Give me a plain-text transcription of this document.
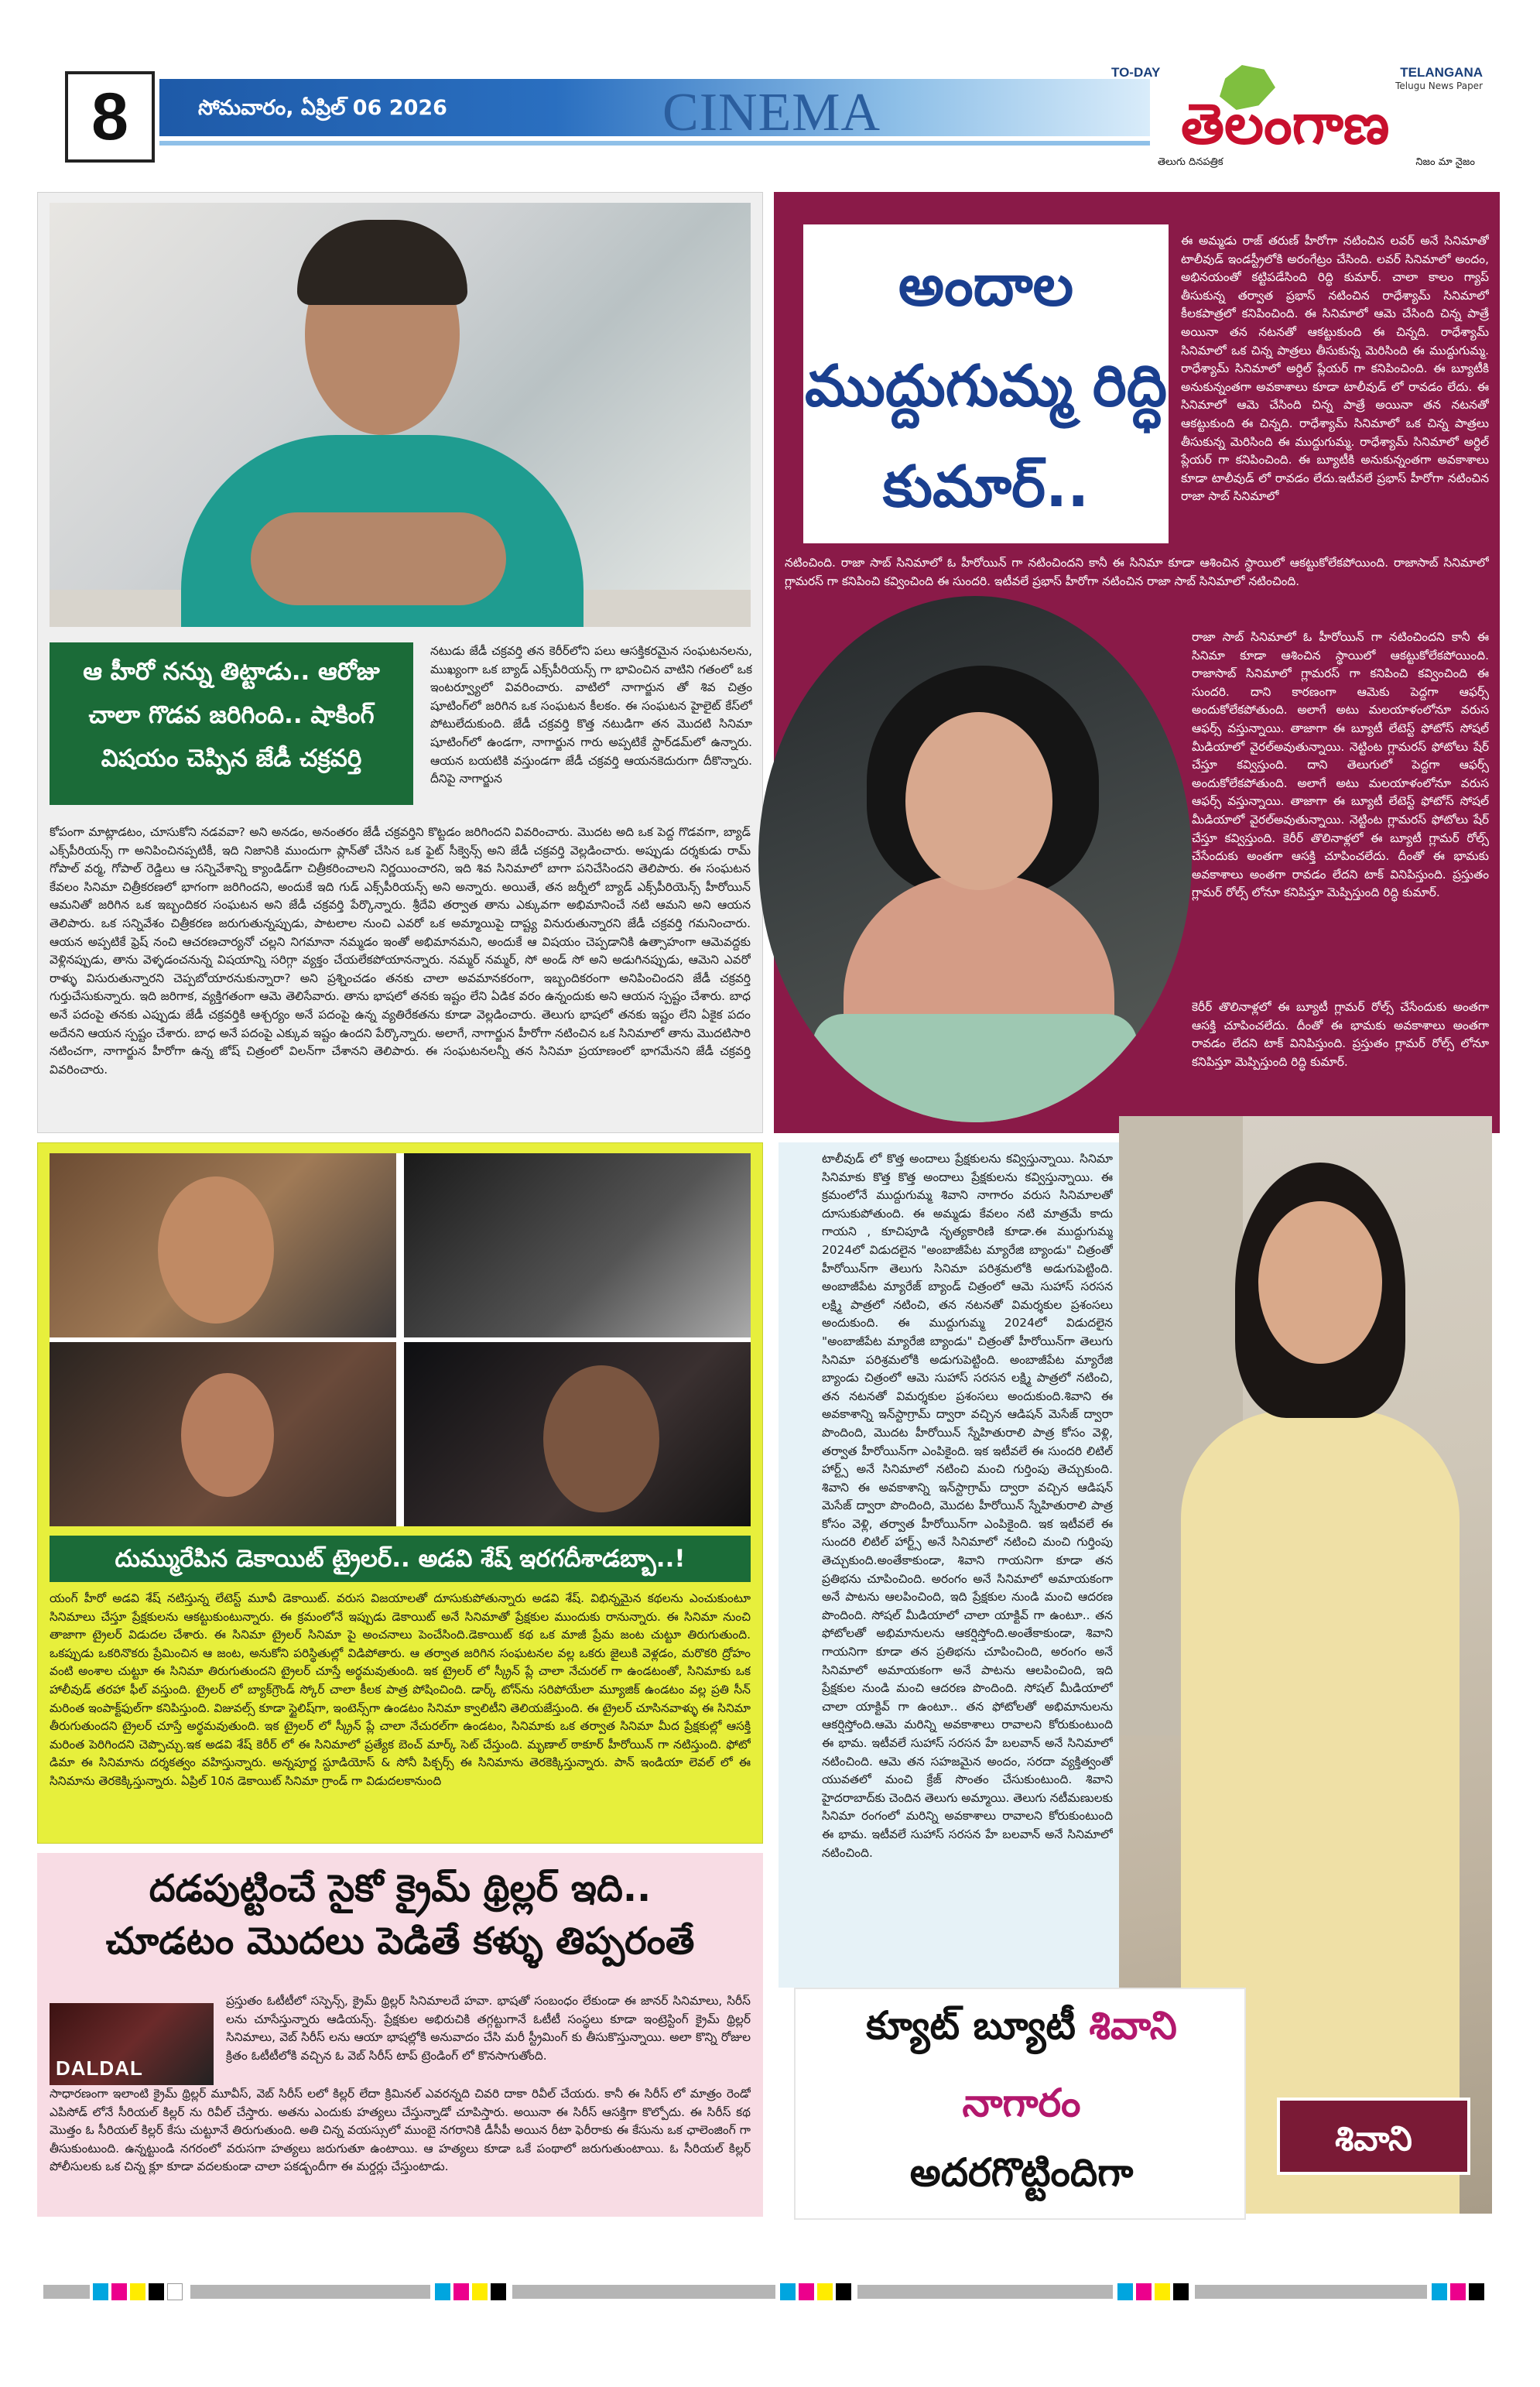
8	సోమవారం, ఏప్రిల్ 06 2026	CINEMA
TO-DAY	TELANGANA
Telugu News Paper
తెలంగాణ
తెలుగు దినపత్రిక	నిజం మా నైజం
ఆ హీరో నన్ను తిట్టాడు.. ఆరోజు చాలా గొడవ జరిగింది.. షాకింగ్ విషయం చెప్పిన జేడీ చక్రవర్తి
నటుడు జేడీ చక్రవర్తి తన కెరీర్‌లోని పలు ఆసక్తికరమైన సంఘటనలను, ముఖ్యంగా ఒక బ్యాడ్ ఎక్స్‌పీరియన్స్ గా భావించిన వాటిని గతంలో ఒక ఇంటర్వ్యూలో వివరించారు. వాటిలో నాగార్జున తో శివ చిత్రం షూటింగ్‌లో జరిగిన ఒక సంఘటన కీలకం. ఈ సంఘటన హైలైట్ కేస్‌లో పోటులేదుకుంది. జేడీ చక్రవర్తి కొత్త నటుడిగా తన మొదటి సినిమా షూటింగ్‌లో ఉండగా, నాగార్జున గారు అప్పటికే స్టార్‌డమ్‌లో ఉన్నారు. ఆయన బయటికి వస్తుండగా జేడీ చక్రవర్తి ఆయనకెదురుగా దీకొన్నారు. దీనిపై నాగార్జున
కోపంగా మాట్లాడటం, చూసుకోని నడవవా? అని అనడం, అనంతరం జేడీ చక్రవర్తిని కొట్టడం జరిగిందని వివరించారు. మొదట అది ఒక పెద్ద గొడవగా, బ్యాడ్ ఎక్స్‌పీరియన్స్ గా అనిపించినప్పటికీ, ఇది నిజానికి ముందుగా ప్లాన్‌తో చేసిన ఒక ఫైట్ సీక్వెన్స్ అని జేడీ చక్రవర్తి వెల్లడించారు. అప్పుడు దర్శకుడు రామ్ గోపాల్ వర్మ, గోపాల్ రెడ్డిలు ఆ సన్నివేశాన్ని క్యాండిడ్‌గా చిత్రీకరించాలని నిర్ణయించారని, ఇది శివ సినిమాలో బాగా పనిచేసిందని తెలిపారు. ఈ సంఘటన కేవలం సినిమా చిత్రీకరణలో భాగంగా జరిగిందని, అందుకే ఇది గుడ్ ఎక్స్‌పీరియన్స్ అని అన్నారు. అయితే, తన జర్నీలో బ్యాడ్ ఎక్స్‌పీరియెన్స్ హీరోయిన్ ఆమనితో జరిగిన ఒక ఇబ్బందికర సంఘటన అని జేడీ చక్రవర్తి పేర్కొన్నారు. శ్రీదేవి తర్వాత తాను ఎక్కువగా అభిమానించే నటి ఆమని అని ఆయన తెలిపారు. ఒక సన్నివేశం చిత్రీకరణ జరుగుతున్నప్పుడు, పాటలాల నుంచి ఎవరో ఒక అమ్మాయిపై దాష్ట్య వినురుతున్నారని జేడీ చక్రవర్తి గమనించారు. ఆయన అప్పటికే ఫ్రెష్ నంచి ఆచరణచార్యనో చల్లని నిగమానా నమ్మడం ఇంతో అభిమానమని, అందుకే ఆ విషయం చెప్పడానికి ఉత్సాహంగా ఆమెవద్దకు వెళ్లినప్పుడు, తాను వెళ్ళడంచనున్న విషయాన్ని సరిగ్గా వ్యక్తం చేయలేకపోయానన్నారు. నమ్మర్ నమ్మర్, సో అండ్ సో అని అడుగినప్పుడు, ఆమెని ఎవరో రాళ్ళు విసురుతున్నారని చెప్పబోయారనుకున్నారా? అని ప్రశ్నించడం తనకు చాలా అవమానకరంగా, ఇబ్బందికరంగా అనిపించిందని జేడీ చక్రవర్తి గుర్తుచేసుకున్నారు. ఇది జరిగాక, వ్యక్తిగతంగా ఆమె తెలిసేవారు. తాను భాషలో తనకు ఇష్టం లేని ఏడిక వరం ఉన్నందుకు అని ఆయన స్పష్టం చేశారు. బాధ అనే పదంపై తనకు ఎప్పుడు జేడీ చక్రవర్తికి ఆశ్చర్యం అనే పదంపై ఉన్న వ్యతిరేకతను కూడా వెల్లడించారు. తెలుగు భాషలో తనకు ఇష్టం లేని ఏకైక పదం అదేనని ఆయన స్పష్టం చేశారు. బాధ అనే పదంపై ఎక్కువ ఇష్టం ఉందని పేర్కొన్నారు. అలాగే, నాగార్జున హీరోగా నటించిన ఒక సినిమాలో తాను మొదటిసారి నటించగా, నాగార్జున హీరోగా ఉన్న జోష్ చిత్రంలో విలన్‌గా చేశానని తెలిపారు. ఈ సంఘటనలన్నీ తన సినిమా ప్రయాణంలో భాగమేనని జేడీ చక్రవర్తి వివరించారు.
అందాల ముద్దుగుమ్మ రిద్ధి కుమార్..
ఈ అమ్మడు రాజ్ తరుణ్ హీరోగా నటించిన లవర్ అనే సినిమాతో టాలీవుడ్ ఇండస్ట్రీలోకి అరంగేట్రం చేసింది. లవర్ సినిమాలో అందం, అభినయంతో కట్టిపడేసింది రిద్ధి కుమార్. చాలా కాలం గ్యాప్ తీసుకున్న తర్వాత ప్రభాస్ నటించిన రాధేశ్యామ్ సినిమాలో కీలకపాత్రలో కనిపించింది. ఈ సినిమాలో ఆమె చేసింది చిన్న పాత్రే అయినా తన నటనతో ఆకట్టుకుంది ఈ చిన్నది. రాధేశ్యామ్ సినిమాలో ఒక చిన్న పాత్రలు తీసుకున్న మెరిసింది ఈ ముద్దుగుమ్మ. రాధేశ్యామ్ సినిమాలో అర్ధిల్ ప్లేయర్ గా కనిపించింది. ఈ బ్యూటీకి అనుకున్నంతగా అవకాశాలు కూడా టాలీవుడ్ లో రావడం లేదు. ఈ సినిమాలో ఆమె చేసింది చిన్న పాత్రే అయినా తన నటనతో ఆకట్టుకుంది ఈ చిన్నది. రాధేశ్యామ్ సినిమాలో ఒక చిన్న పాత్రలు తీసుకున్న మెరిసింది ఈ ముద్దుగుమ్మ. రాధేశ్యామ్ సినిమాలో అర్ధిల్ ప్లేయర్ గా కనిపించింది. ఈ బ్యూటీకి అనుకున్నంతగా అవకాశాలు కూడా టాలీవుడ్ లో రావడం లేదు.ఇటీవలే ప్రభాస్ హీరోగా నటించిన రాజా సాబ్ సినిమాలో
నటించింది. రాజా సాబ్ సినిమాలో ఓ హీరోయిన్ గా నటించిందని కానీ ఈ సినిమా కూడా ఆశించిన స్థాయిలో ఆకట్టుకోలేకపోయింది. రాజాసాబ్ సినిమాలో గ్లామరస్ గా కనిపించి కవ్వించింది ఈ సుందరి. ఇటీవలే ప్రభాస్ హీరోగా నటించిన రాజా సాబ్ సినిమాలో నటించింది.
రాజా సాబ్ సినిమాలో ఓ హీరోయిన్ గా నటించిందని కానీ ఈ సినిమా కూడా ఆశించిన స్థాయిలో ఆకట్టుకోలేకపోయింది. రాజాసాబ్ సినిమాలో గ్లామరస్ గా కనిపించి కవ్వించింది ఈ సుందరి. దాని కారణంగా ఆమెకు పెద్దగా ఆఫర్స్ అందుకోలేకపోతుంది. అలాగే అటు మలయాళంలోనూ వరుస ఆఫర్స్ వస్తున్నాయి. తాజాగా ఈ బ్యూటీ లేటెస్ట్ ఫోటోస్ సోషల్ మీడియాలో వైరల్‌అవుతున్నాయి. నెట్టింట గ్లామరస్ ఫోటోలు షేర్ చేస్తూ కవ్విస్తుంది. దాని తెలుగులో పెద్దగా ఆఫర్స్ అందుకోలేకపోతుంది. అలాగే అటు మలయాళంలోనూ వరుస ఆఫర్స్ వస్తున్నాయి. తాజాగా ఈ బ్యూటీ లేటెస్ట్ ఫోటోస్ సోషల్ మీడియాలో వైరల్‌అవుతున్నాయి. నెట్టింట గ్లామరస్ ఫోటోలు షేర్ చేస్తూ కవ్విస్తుంది. కెరీర్ తొలినాళ్లలో ఈ బ్యూటీ గ్లామర్ రోల్స్ చేసేందుకు అంతగా ఆసక్తి చూపించలేదు. దీంతో ఈ భామకు అవకాశాలు అంతగా రావడం లేదని టాక్ వినిపిస్తుంది. ప్రస్తుతం గ్లామర్ రోల్స్ లోనూ కనిపిస్తూ మెప్పిస్తుంది రిద్ధి కుమార్.
కెరీర్ తొలినాళ్లలో ఈ బ్యూటీ గ్లామర్ రోల్స్ చేసేందుకు అంతగా ఆసక్తి చూపించలేదు. దీంతో ఈ భామకు అవకాశాలు అంతగా రావడం లేదని టాక్ వినిపిస్తుంది. ప్రస్తుతం గ్లామర్ రోల్స్ లోనూ కనిపిస్తూ మెప్పిస్తుంది రిద్ధి కుమార్.
దుమ్మురేపిన డెకాయిట్ ట్రైలర్.. అడవి శేష్ ఇరగదీశాడబ్బా..!
యంగ్ హీరో అడవి శేష్ నటిస్తున్న లేటెస్ట్ మూవీ డెకాయిట్. వరుస విజయాలతో దూసుకుపోతున్నారు అడవి శేష్. విభిన్నమైన కథలను ఎంచుకుంటూ సినిమాలు చేస్తూ ప్రేక్షకులను ఆకట్టుకుంటున్నారు. ఈ క్రమంలోనే ఇప్పుడు డెకాయిట్ అనే సినిమాతో ప్రేక్షకుల ముందుకు రానున్నారు. ఈ సినిమా నుంచి తాజాగా ట్రైలర్ విడుదల చేశారు. ఈ సినిమా ట్రైలర్ సినిమా పై అంచనాలు పెంచేసింది.డెకాయిట్ కథ ఒక మాజీ ప్రేమ జంట చుట్టూ తిరుగుతుంది. ఒకప్పుడు ఒకరినొకరు ప్రేమించిన ఆ జంట, అనుకోని పరిస్థితుల్లో విడిపోతారు. ఆ తర్వాత జరిగిన సంఘటనల వల్ల ఒకరు జైలుకి వెళ్లడం, మరొకరి ద్రోహం వంటి అంశాల చుట్టూ ఈ సినిమా తిరుగుతుందని ట్రైలర్ చూస్తే అర్థమవుతుంది. ఇక ట్రైలర్ లో స్క్రీన్ ప్లే చాలా నేచురల్ గా ఉండటంతో, సినిమాకు ఒక హాలీవుడ్ తరహా ఫీల్ వస్తుంది. ట్రైలర్ లో బ్యాక్‌గ్రౌండ్ స్కోర్ చాలా కీలక పాత్ర పోషించింది. డార్క్ టోన్‌ను సరిపోయేలా మ్యూజిక్ ఉండటం వల్ల ప్రతి సీన్ మరింత ఇంపాక్ట్‌ఫుల్‌గా కనిపిస్తుంది. విజువల్స్ కూడా స్టైలిష్‌గా, ఇంటెన్స్‌గా ఉండటం సినిమా క్వాలిటీని తెలియజేస్తుంది. ఈ ట్రైలర్ చూసినవాళ్ళు ఈ సినిమా తీరుగుతుందని ట్రైలర్ చూస్తే అర్థమవుతుంది. ఇక ట్రైలర్ లో స్క్రీన్ ప్లే చాలా నేచురల్‌గా ఉండటం, సినిమాకు ఒక తర్వాత సినిమా మీద ప్రేక్షకుల్లో ఆసక్తి మరింత పెరిగిందని చెప్పొచ్చు.ఇక అడవి శేష్ కెరీర్ లో ఈ సినిమాలో ప్రత్యేక బెంచ్ మార్క్ సెట్ చేస్తుంది. మృణాల్ ఠాకూర్ హీరోయిన్ గా నటిస్తుంది. ఫోటో డిమా ఈ సినిమాను దర్శకత్వం వహిస్తున్నారు. అన్నపూర్ణ స్టూడియోస్ & సోనీ పిక్చర్స్ ఈ సినిమాను తెరకెక్కిస్తున్నారు. పాన్ ఇండియా లెవల్ లో ఈ సినిమాను తెరకెక్కిస్తున్నారు. ఏప్రిల్ 10న డెకాయిట్ సినిమా గ్రాండ్ గా విడుదలకానుంది
దడపుట్టించే సైకో క్రైమ్ థ్రిల్లర్ ఇది..
చూడటం మొదలు పెడితే కళ్ళు తిప్పరంతే
DALDAL
ప్రస్తుతం ఓటీటీలో సస్పెన్స్, క్రైమ్ థ్రిల్లర్ సినిమాలదే హవా. భాషతో సంబంధం లేకుండా ఈ జానర్ సినిమాలు, సిరీస్ లను చూసేస్తున్నారు ఆడియన్స్. ప్రేక్షకుల అభిరుచికి తగ్గట్టుగానే ఓటీటీ సంస్థలు కూడా ఇంట్రెస్టింగ్ క్రైమ్ థ్రిల్లర్ సినిమాలు, వెబ్ సిరీస్ లను ఆయా భాషల్లోకి అనువాదం చేసి మరీ స్ట్రీమింగ్ కు తీసుకొస్తున్నాయి. అలా కొన్ని రోజుల క్రితం ఓటీటీలోకి వచ్చిన ఓ వెబ్ సిరీస్ టాప్ ట్రెండింగ్ లో కొనసాగుతోంది.
సాధారణంగా ఇలాంటి క్రైమ్ థ్రిల్లర్ మూవీస్, వెబ్ సిరీస్ లలో కిల్లర్ లేదా క్రిమినల్ ఎవరన్నది చివరి దాకా రివీల్ చేయరు. కానీ ఈ సిరీస్ లో మాత్రం రెండో ఎపిసోడ్ లోనే సీరియల్ కిల్లర్ ను రివీల్ చేస్తారు. అతను ఎందుకు హత్యలు చేస్తున్నాడో చూపిస్తారు. అయినా ఈ సిరీస్ ఆసక్తిగా కొల్పోదు. ఈ సిరీస్ కథ మొత్తం ఓ సీరియల్ కిల్లర్ కేసు చుట్టూనే తిరుగుతుంది. అతి చిన్న వయస్సులో ముంబై నగరానికి డీసీపీ అయిన రీటా ఫెరీరాకు ఈ కేసును ఒక ఛాలెంజింగ్ గా తీసుకుంటుంది. ఉన్నట్టుండి నగరంలో వరుసగా హత్యలు జరుగుతూ ఉంటాయి. ఆ హత్యలు కూడా ఒకే పంథాలో జరుగుతుంటాయి. ఓ సీరియల్ కిల్లర్ పోలీసులకు ఒక చిన్న క్లూ కూడా వదలకుండా చాలా పకడ్బందీగా ఈ మర్డర్లు చేస్తుంటాడు.
టాలీవుడ్ లో కొత్త అందాలు ప్రేక్షకులను కవ్విస్తున్నాయి. సినిమా సినిమాకు కొత్త కొత్త అందాలు ప్రేక్షకులను కవ్విస్తున్నాయి. ఈ క్రమంలోనే ముద్దుగుమ్మ శివాని నాగారం వరుస సినిమాలతో దూసుకుపోతుంది. ఈ అమ్మడు కేవలం నటి మాత్రమే కాదు గాయని , కూచిపూడి నృత్యకారిణి కూడా.ఈ ముద్దుగుమ్మ 2024లో విడుదలైన "అంబాజీపేట మ్యారేజి బ్యాండు" చిత్రంతో హీరోయిన్‌గా తెలుగు సినిమా పరిశ్రమలోకి అడుగుపెట్టింది. అంబాజీపేట మ్యారేజ్ బ్యాండ్ చిత్రంలో ఆమె సుహాస్ సరసన లక్ష్మి పాత్రలో నటించి, తన నటనతో విమర్శకుల ప్రశంసలు అందుకుంది. ఈ ముద్దుగుమ్మ 2024లో విడుదలైన "అంబాజీపేట మ్యారేజి బ్యాండు" చిత్రంతో హీరోయిన్‌గా తెలుగు సినిమా పరిశ్రమలోకి అడుగుపెట్టింది. అంబాజీపేట మ్యారేజి బ్యాండు చిత్రంలో ఆమె సుహాస్ సరసన లక్ష్మి పాత్రలో నటించి, తన నటనతో విమర్శకుల ప్రశంసలు అందుకుంది.శివాని ఈ అవకాశాన్ని ఇన్‌స్టాగ్రామ్ ద్వారా వచ్చిన ఆడిషన్ మెసేజ్ ద్వారా పొందింది, మొదట హీరోయిన్ స్నేహితురాలి పాత్ర కోసం వెళ్లి, తర్వాత హీరోయిన్‌గా ఎంపికైంది. ఇక ఇటీవలే ఈ సుందరి లిటిల్ హార్ట్స్ అనే సినిమాలో నటించి మంచి గుర్తింపు తెచ్చుకుంది. శివాని ఈ అవకాశాన్ని ఇన్‌స్టాగ్రామ్ ద్వారా వచ్చిన ఆడిషన్ మెసేజ్ ద్వారా పొందింది, మొదట హీరోయిన్ స్నేహితురాలి పాత్ర కోసం వెళ్లి, తర్వాత హీరోయిన్‌గా ఎంపికైంది. ఇక ఇటీవలే ఈ సుందరి లిటిల్ హార్ట్స్ అనే సినిమాలో నటించి మంచి గుర్తింపు తెచ్చుకుంది.అంతేకాకుండా, శివాని గాయనిగా కూడా తన ప్రతిభను చూపించింది. అరంగం అనే సినిమాలో అమాయకంగా అనే పాటను ఆలపించింది, ఇది ప్రేక్షకుల నుండి మంచి ఆదరణ పొందింది. సోషల్ మీడియాలో చాలా యాక్టివ్ గా ఉంటూ.. తన ఫోటోలతో అభిమానులను ఆకర్షిస్తోంది.అంతేకాకుండా, శివాని గాయనిగా కూడా తన ప్రతిభను చూపించింది, అరంగం అనే సినిమాలో అమాయకంగా అనే పాటను ఆలపించింది, ఇది ప్రేక్షకుల నుండి మంచి ఆదరణ పొందింది. సోషల్ మీడియాలో చాలా యాక్టివ్ గా ఉంటూ.. తన ఫోటోలతో అభిమానులను ఆకర్షిస్తోంది.ఆమె మరిన్ని అవకాశాలు రావాలని కోరుకుంటుంది ఈ భామ. ఇటీవలే సుహాస్ సరసన హే బలవాన్ అనే సినిమాలో నటించింది. ఆమె తన సహజమైన అందం, సరదా వ్యక్తిత్వంతో యువతలో మంచి క్రేజ్ సొంతం చేసుకుంటుంది. శివాని హైదరాబాద్‌కు చెందిన తెలుగు అమ్మాయి. తెలుగు నటీమణులకు సినిమా రంగంలో మరిన్ని అవకాశాలు రావాలని కోరుకుంటుంది ఈ భామ. ఇటీవలే సుహాస్ సరసన హే బలవాన్ అనే సినిమాలో నటించింది.
క్యూట్ బ్యూటీ శివాని
నాగారం
అదరగొట్టిందిగా
శివాని
